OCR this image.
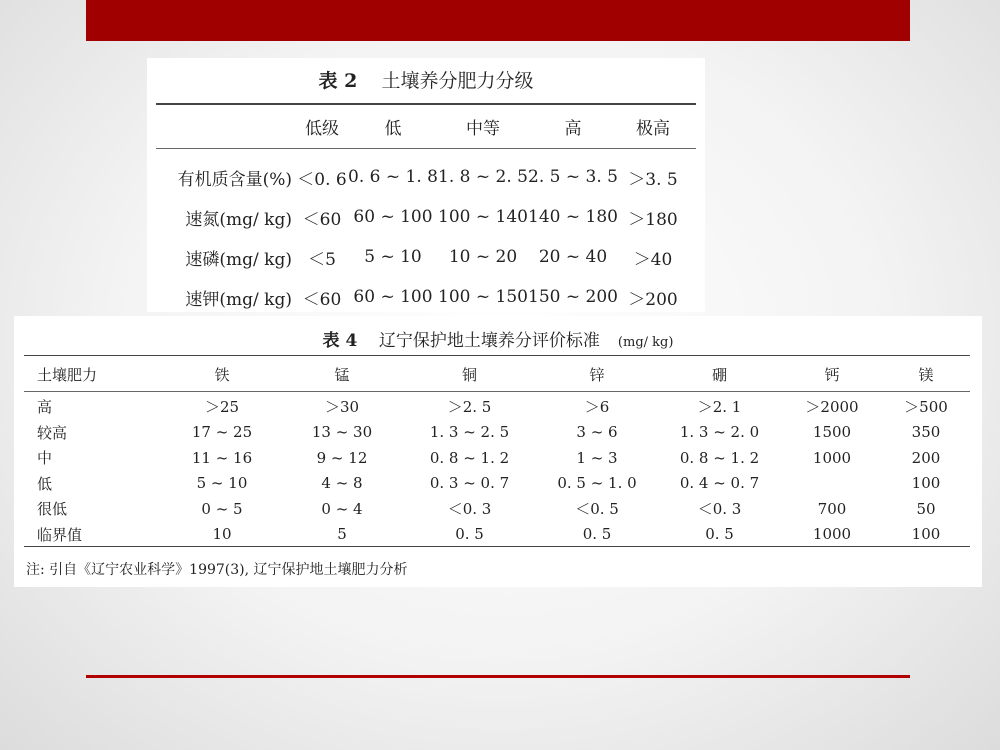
表 2 土壤养分肥力分级
	低级	低	中等	高	极高

有机质含量(%)	＜0. 6	0. 6 ~ 1. 8	1. 8 ~ 2. 5	2. 5 ~ 3. 5	＞3. 5
速氮(mg/ kg)	＜60	60 ~ 100	100 ~ 140	140 ~ 180	＞180
速磷(mg/ kg)	＜5	5 ~ 10	10 ~ 20	20 ~ 40	＞40
速钾(mg/ kg)	＜60	60 ~ 100	100 ~ 150	150 ~ 200	＞200
表 4 辽宁保护地土壤养分评价标准 (mg/ kg)
土壤肥力	铁	锰	铜	锌	硼	钙	镁

高	＞25	＞30	＞2. 5	＞6	＞2. 1	＞2000	＞500
较高	17 ~ 25	13 ~ 30	1. 3 ~ 2. 5	3 ~ 6	1. 3 ~ 2. 0	1500	350
中	11 ~ 16	9 ~ 12	0. 8 ~ 1. 2	1 ~ 3	0. 8 ~ 1. 2	1000	200
低	5 ~ 10	4 ~ 8	0. 3 ~ 0. 7	0. 5 ~ 1. 0	0. 4 ~ 0. 7		100
很低	0 ~ 5	0 ~ 4	＜0. 3	＜0. 5	＜0. 3	700	50
临界值	10	5	0. 5	0. 5	0. 5	1000	100
注: 引自《辽宁农业科学》1997(3), 辽宁保护地土壤肥力分析
